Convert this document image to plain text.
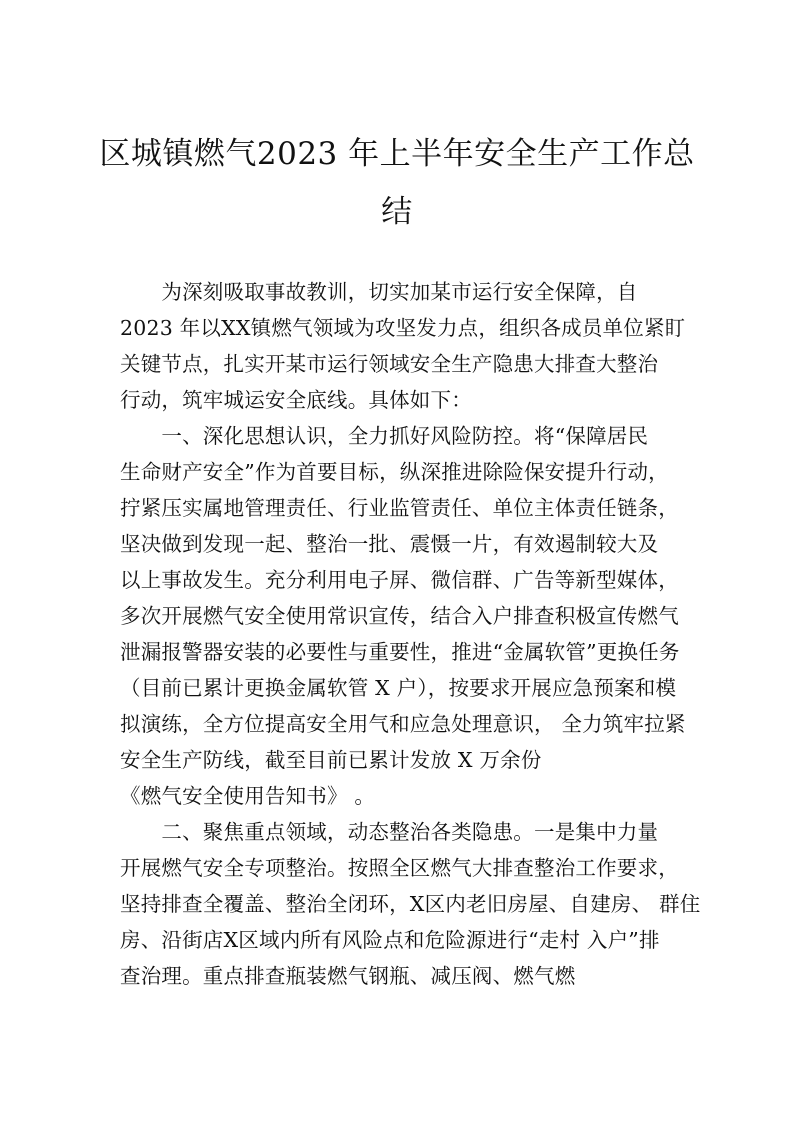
区城镇燃气2023 年上半年安全生产工作总
结
　　为深刻吸取事故教训，切实加某市运行安全保障，自
2023 年以XX镇燃气领域为攻坚发力点，组织各成员单位紧盯
关键节点，扎实开某市运行领域安全生产隐患大排查大整治
行动，筑牢城运安全底线。具体如下：
　　一、深化思想认识，全力抓好风险防控。将“保障居民
生命财产安全”作为首要目标，纵深推进除险保安提升行动，
拧紧压实属地管理责任、行业监管责任、单位主体责任链条，
坚决做到发现一起、整治一批、震慑一片，有效遏制较大及
以上事故发生。充分利用电子屏、微信群、广告等新型媒体，
多次开展燃气安全使用常识宣传，结合入户排查积极宣传燃气
泄漏报警器安装的必要性与重要性，推进“金属软管”更换任务
（目前已累计更换金属软管 X 户），按要求开展应急预案和模
拟演练，全方位提高安全用气和应急处理意识， 全力筑牢拉紧
安全生产防线，截至目前已累计发放 X 万余份
《燃气安全使用告知书》 。
　　二、聚焦重点领域，动态整治各类隐患。一是集中力量
开展燃气安全专项整治。按照全区燃气大排查整治工作要求，
坚持排查全覆盖、整治全闭环，X区内老旧房屋、自建房、 群住
房、沿街店X区域内所有风险点和危险源进行“走村 入户”排
查治理。重点排查瓶装燃气钢瓶、减压阀、燃气燃
